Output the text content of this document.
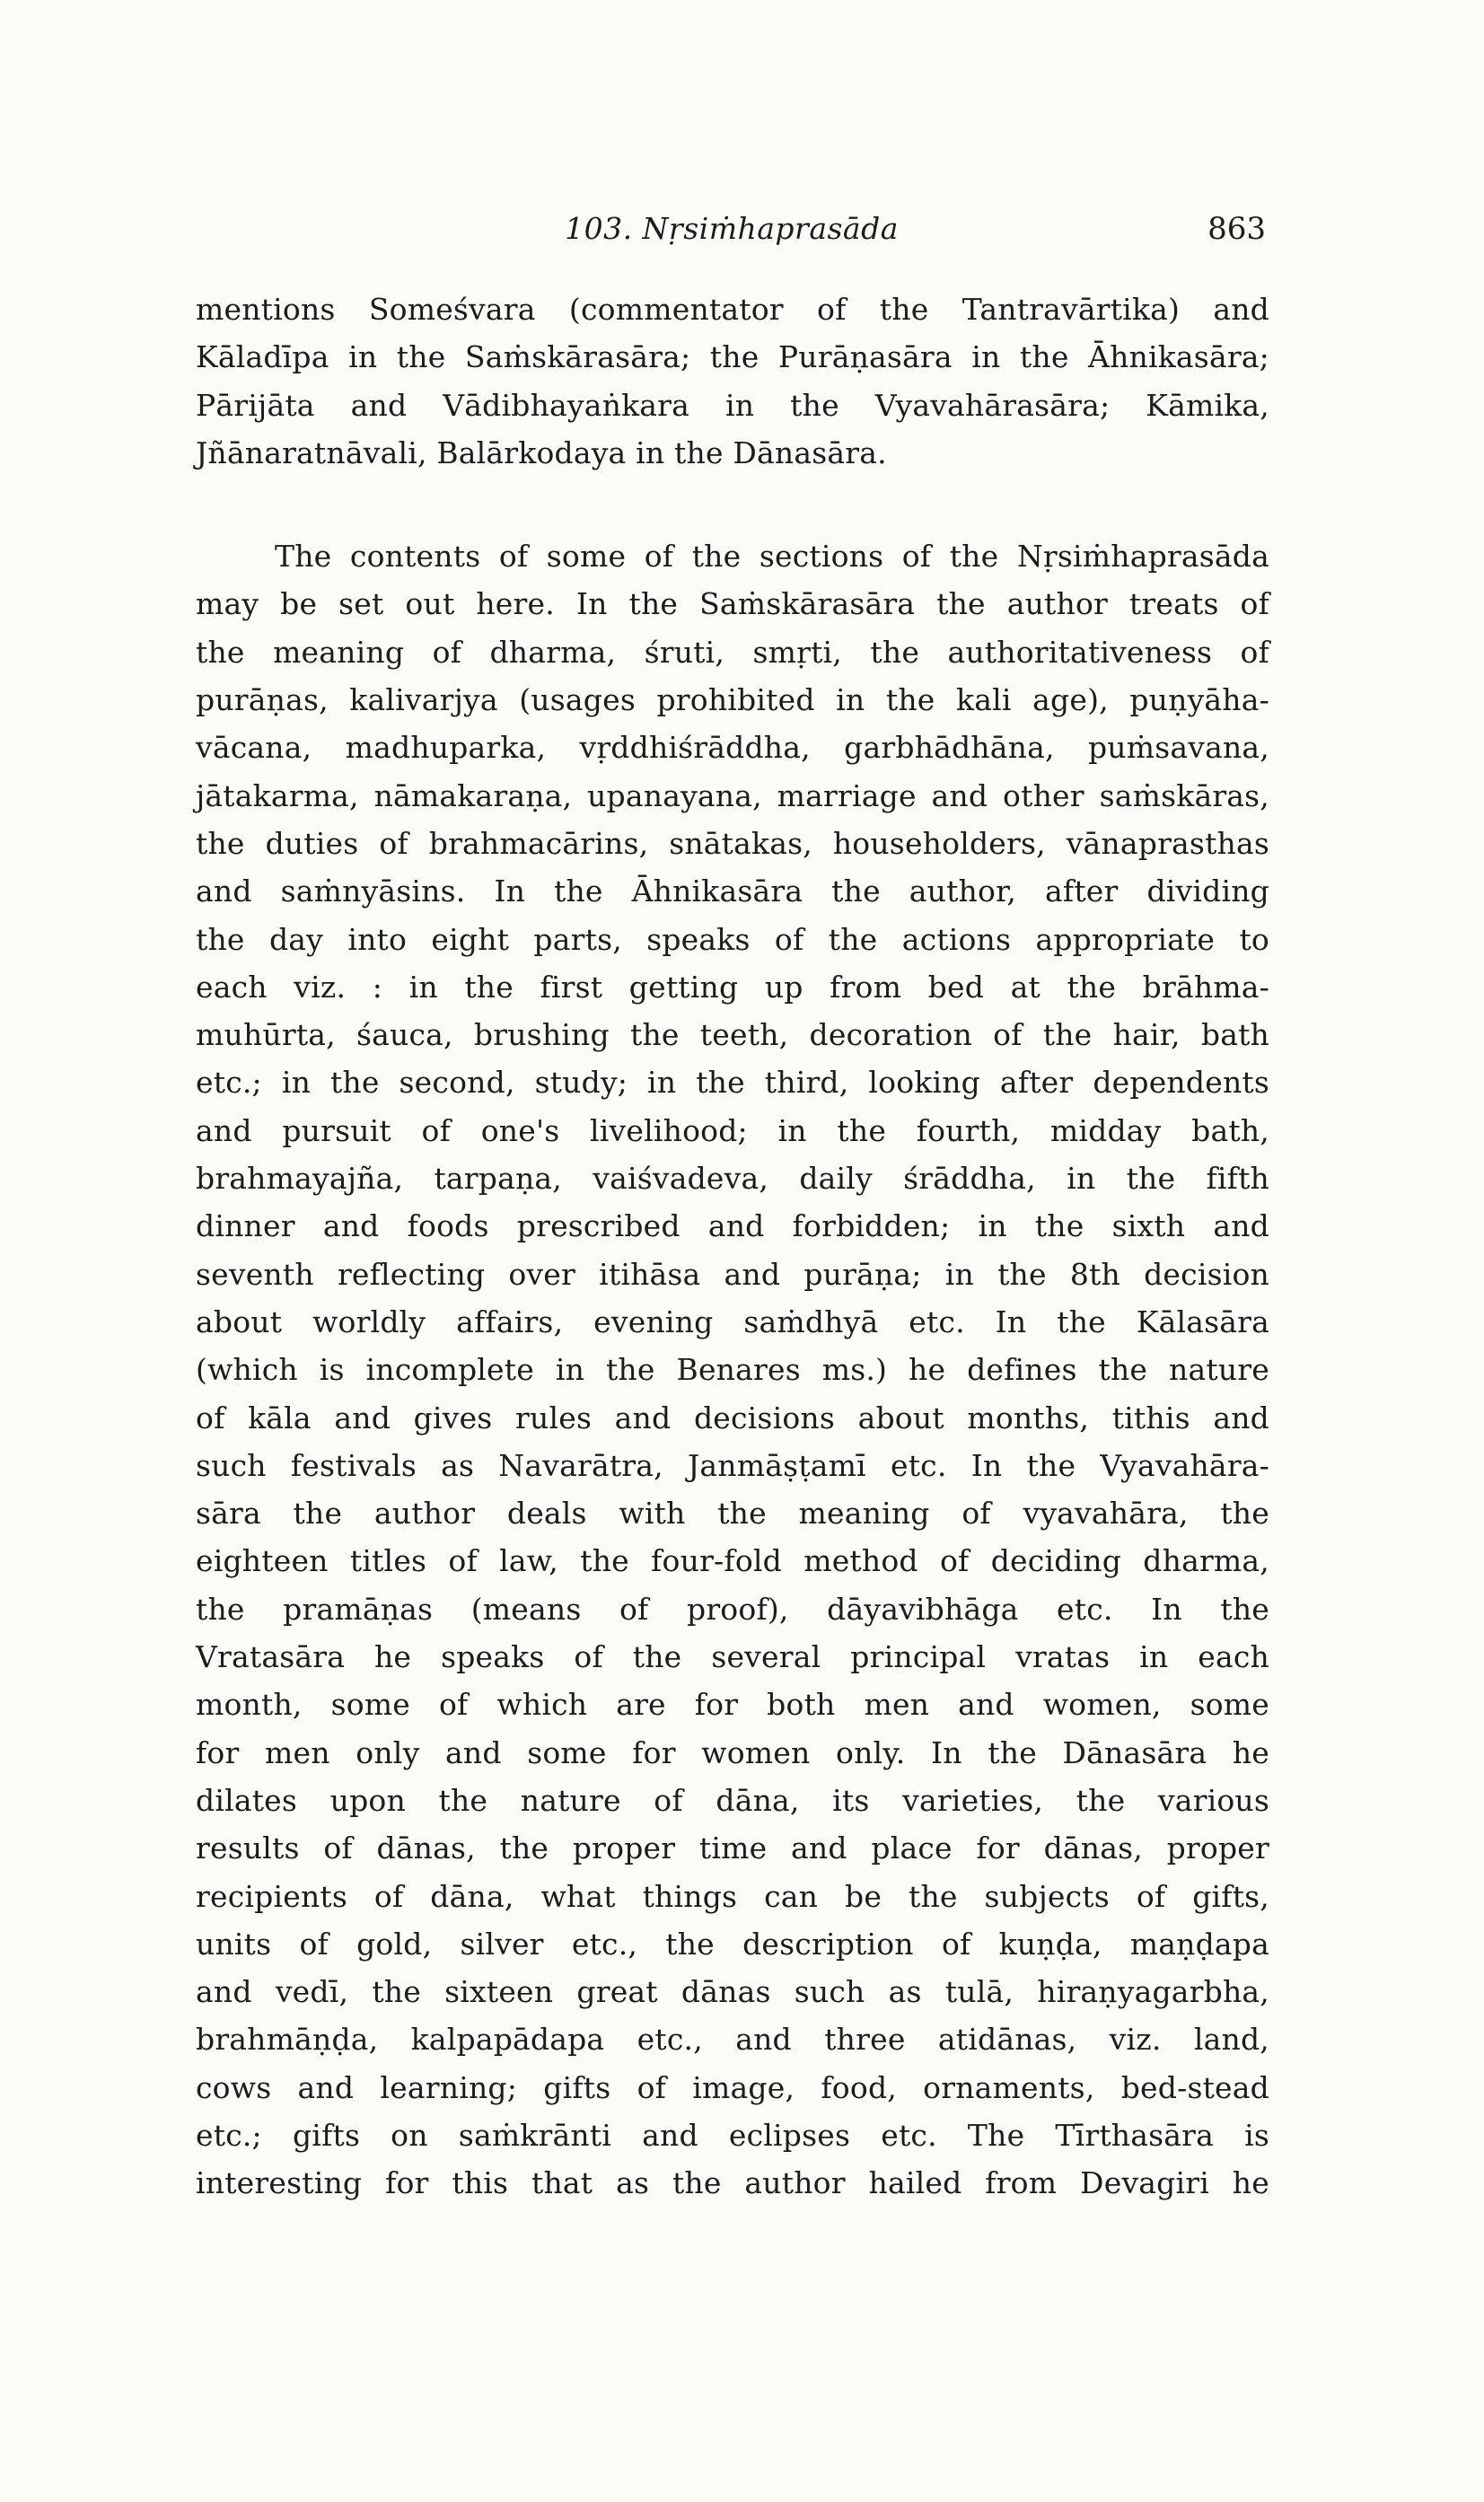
103. Nṛsiṁhaprasāda	863
mentions Someśvara (commentator of the Tantravārtika) and
Kāladīpa in the Saṁskārasāra; the Purāṇasāra in the Āhnikasāra;
Pārijāta and Vādibhayaṅkara in the Vyavahārasāra; Kāmika,
Jñānaratnāvali, Balārkodaya in the Dānasāra.
The contents of some of the sections of the Nṛsiṁhaprasāda
may be set out here. In the Saṁskārasāra the author treats of
the meaning of dharma, śruti, smṛti, the authoritativeness of
purāṇas, kalivarjya (usages prohibited in the kali age), puṇyāha-
vācana, madhuparka, vṛddhiśrāddha, garbhādhāna, puṁsavana,
jātakarma, nāmakaraṇa, upanayana, marriage and other saṁskāras,
the duties of brahmacārins, snātakas, householders, vānaprasthas
and saṁnyāsins. In the Āhnikasāra the author, after dividing
the day into eight parts, speaks of the actions appropriate to
each viz. : in the first getting up from bed at the brāhma-
muhūrta, śauca, brushing the teeth, decoration of the hair, bath
etc.; in the second, study; in the third, looking after dependents
and pursuit of one's livelihood; in the fourth, midday bath,
brahmayajña, tarpaṇa, vaiśvadeva, daily śrāddha, in the fifth
dinner and foods prescribed and forbidden; in the sixth and
seventh reflecting over itihāsa and purāṇa; in the 8th decision
about worldly affairs, evening saṁdhyā etc. In the Kālasāra
(which is incomplete in the Benares ms.) he defines the nature
of kāla and gives rules and decisions about months, tithis and
such festivals as Navarātra, Janmāṣṭamī etc. In the Vyavahāra-
sāra the author deals with the meaning of vyavahāra, the
eighteen titles of law, the four-fold method of deciding dharma,
the pramāṇas (means of proof), dāyavibhāga etc. In the
Vratasāra he speaks of the several principal vratas in each
month, some of which are for both men and women, some
for men only and some for women only. In the Dānasāra he
dilates upon the nature of dāna, its varieties, the various
results of dānas, the proper time and place for dānas, proper
recipients of dāna, what things can be the subjects of gifts,
units of gold, silver etc., the description of kuṇḍa, maṇḍapa
and vedī, the sixteen great dānas such as tulā, hiraṇyagarbha,
brahmāṇḍa, kalpapādapa etc., and three atidānas, viz. land,
cows and learning; gifts of image, food, ornaments, bed-stead
etc.; gifts on saṁkrānti and eclipses etc. The Tīrthasāra is
interesting for this that as the author hailed from Devagiri he
